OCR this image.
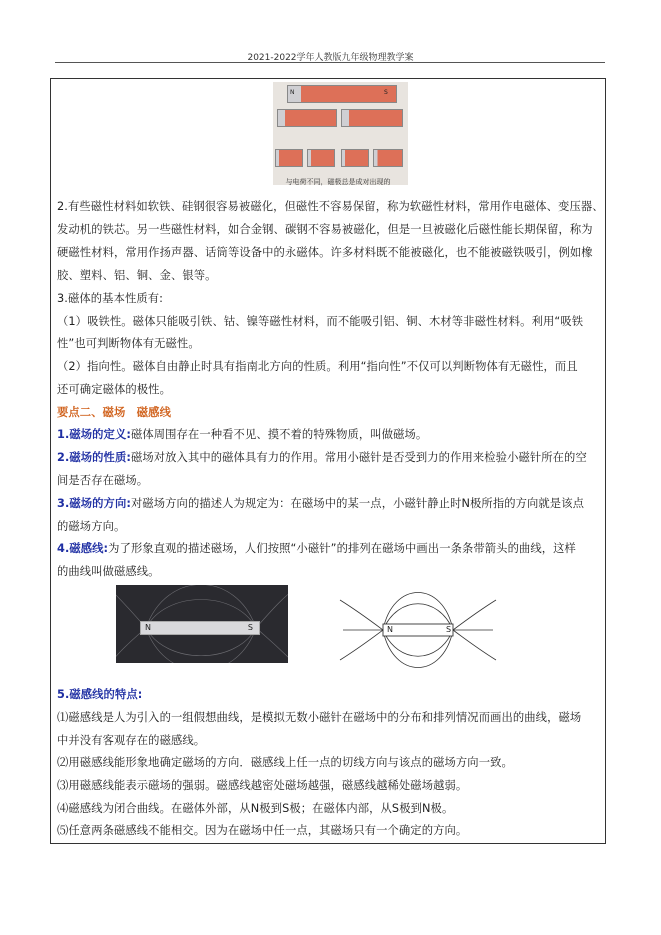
2021-2022学年人教版九年级物理教学案
与电荷不同，磁极总是成对出现的
2.有些磁性材料如软铁、硅钢很容易被磁化，但磁性不容易保留，称为软磁性材料，常用作电磁体、变压器、
发动机的铁芯。另一些磁性材料，如合金钢、碳钢不容易被磁化，但是一旦被磁化后磁性能长期保留，称为
硬磁性材料，常用作扬声器、话筒等设备中的永磁体。许多材料既不能被磁化，也不能被磁铁吸引，例如橡
胶、塑料、铝、铜、金、银等。
3.磁体的基本性质有:
（1）吸铁性。磁体只能吸引铁、钴、镍等磁性材料，而不能吸引铝、铜、木材等非磁性材料。利用“吸铁
性”也可判断物体有无磁性。
（2）指向性。磁体自由静止时具有指南北方向的性质。利用“指向性”不仅可以判断物体有无磁性，而且
还可确定磁体的极性。
要点二、磁场　磁感线
1.磁场的定义:磁体周围存在一种看不见、摸不着的特殊物质，叫做磁场。
2.磁场的性质:磁场对放入其中的磁体具有力的作用。常用小磁针是否受到力的作用来检验小磁针所在的空
间是否存在磁场。
3.磁场的方向:对磁场方向的描述人为规定为：在磁场中的某一点，小磁针静止时N极所指的方向就是该点
的磁场方向。
4.磁感线:为了形象直观的描述磁场，人们按照“小磁针”的排列在磁场中画出一条条带箭头的曲线，这样
的曲线叫做磁感线。
N	S	N	S
5.磁感线的特点:
⑴磁感线是人为引入的一组假想曲线，是模拟无数小磁针在磁场中的分布和排列情况而画出的曲线，磁场
中并没有客观存在的磁感线。
⑵用磁感线能形象地确定磁场的方向．磁感线上任一点的切线方向与该点的磁场方向一致。
⑶用磁感线能表示磁场的强弱。磁感线越密处磁场越强，磁感线越稀处磁场越弱。
⑷磁感线为闭合曲线。在磁体外部，从N极到S极；在磁体内部，从S极到N极。
⑸任意两条磁感线不能相交。因为在磁场中任一点，其磁场只有一个确定的方向。
N	S
